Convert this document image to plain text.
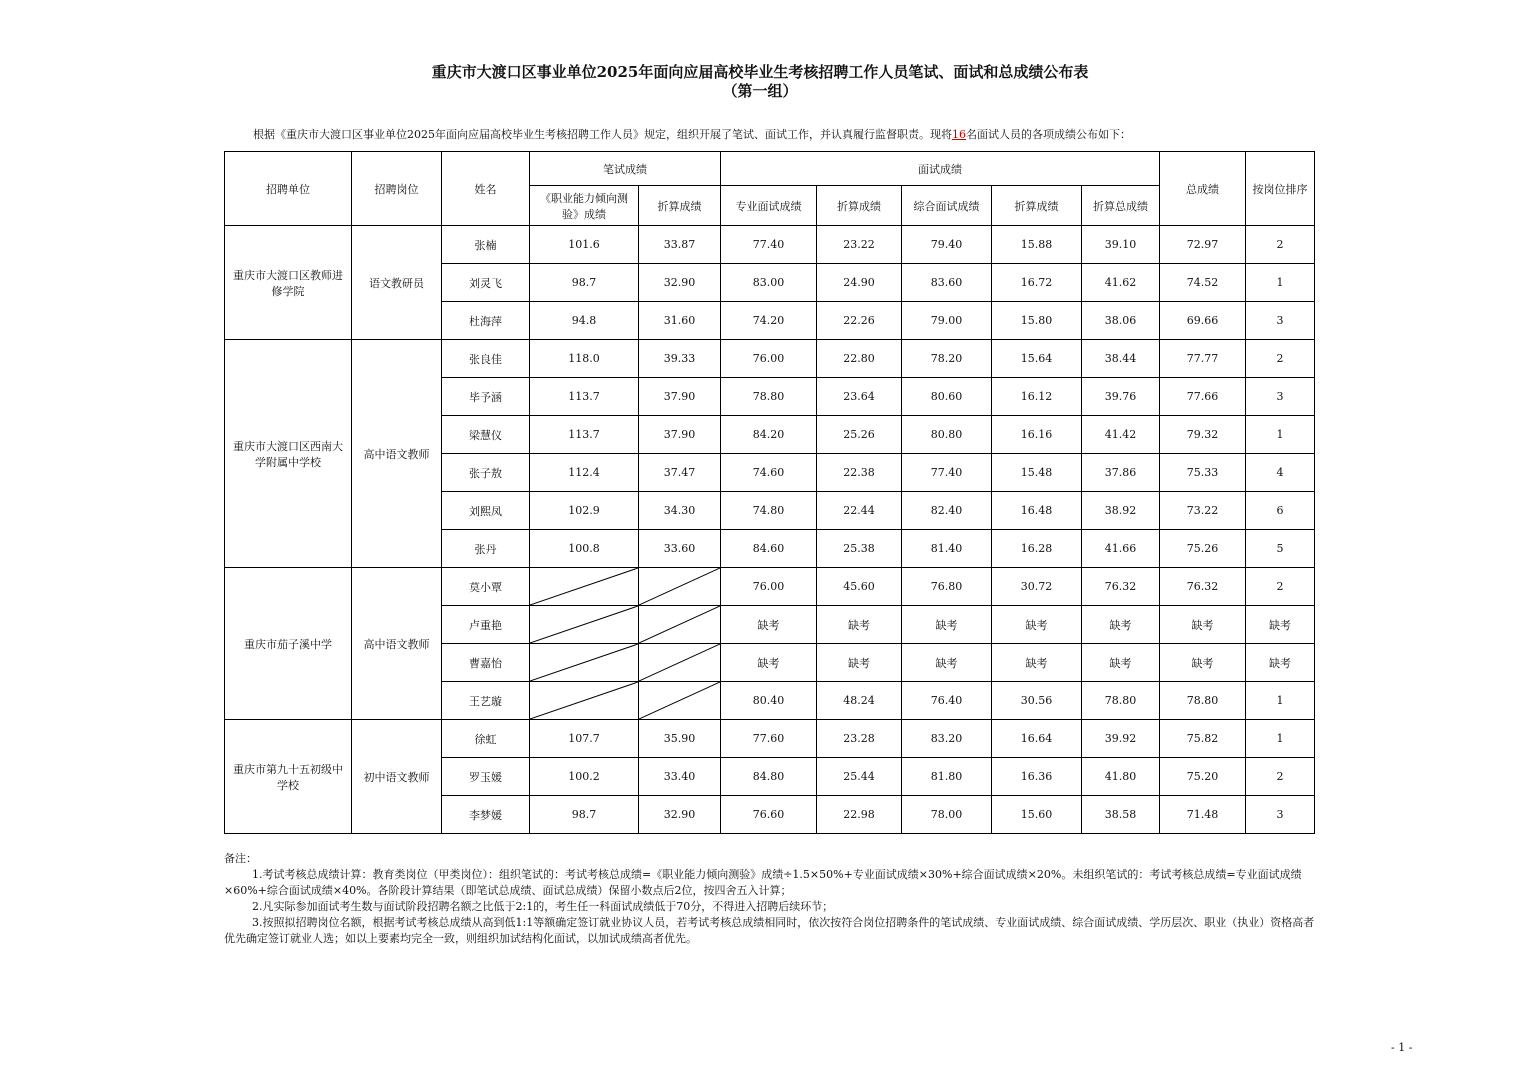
重庆市大渡口区事业单位2025年面向应届高校毕业生考核招聘工作人员笔试、面试和总成绩公布表
（第一组）
根据《重庆市大渡口区事业单位2025年面向应届高校毕业生考核招聘工作人员》规定，组织开展了笔试、面试工作，并认真履行监督职责。现将16名面试人员的各项成绩公布如下：
招聘单位	招聘岗位	姓名	笔试成绩		面试成绩					总成绩	按岗位排序
			《职业能力倾向测验》成绩	折算成绩	专业面试成绩	折算成绩	综合面试成绩	折算成绩	折算总成绩		
重庆市大渡口区教师进修学院	语文教研员	张楠	101.6	33.87	77.40	23.22	79.40	15.88	39.10	72.97	2
		刘灵飞	98.7	32.90	83.00	24.90	83.60	16.72	41.62	74.52	1
		杜海萍	94.8	31.60	74.20	22.26	79.00	15.80	38.06	69.66	3
重庆市大渡口区西南大学附属中学校	高中语文教师	张良佳	118.0	39.33	76.00	22.80	78.20	15.64	38.44	77.77	2
		毕予涵	113.7	37.90	78.80	23.64	80.60	16.12	39.76	77.66	3
		梁慧仪	113.7	37.90	84.20	25.26	80.80	16.16	41.42	79.32	1
		张子敖	112.4	37.47	74.60	22.38	77.40	15.48	37.86	75.33	4
		刘熙凤	102.9	34.30	74.80	22.44	82.40	16.48	38.92	73.22	6
		张丹	100.8	33.60	84.60	25.38	81.40	16.28	41.66	75.26	5
重庆市茄子溪中学	高中语文教师	莫小覃			76.00	45.60	76.80	30.72	76.32	76.32	2
		卢重艳			缺考	缺考	缺考	缺考	缺考	缺考	缺考
		曹嘉怡			缺考	缺考	缺考	缺考	缺考	缺考	缺考
		王艺璇			80.40	48.24	76.40	30.56	78.80	78.80	1
重庆市第九十五初级中学校	初中语文教师	徐虹	107.7	35.90	77.60	23.28	83.20	16.64	39.92	75.82	1
		罗玉媛	100.2	33.40	84.80	25.44	81.80	16.36	41.80	75.20	2
		李梦媛	98.7	32.90	76.60	22.98	78.00	15.60	38.58	71.48	3

备注：

1.考试考核总成绩计算：教育类岗位（甲类岗位）：组织笔试的：考试考核总成绩=《职业能力倾向测验》成绩÷1.5×50%+专业面试成绩×30%+综合面试成绩×20%。未组织笔试的：考试考核总成绩=专业面试成绩×60%+综合面试成绩×40%。各阶段计算结果（即笔试总成绩、面试总成绩）保留小数点后2位，按四舍五入计算；

2.凡实际参加面试考生数与面试阶段招聘名额之比低于2:1的，考生任一科面试成绩低于70分，不得进入招聘后续环节；

3.按照拟招聘岗位名额，根据考试考核总成绩从高到低1:1等额确定签订就业协议人员，若考试考核总成绩相同时，依次按符合岗位招聘条件的笔试成绩、专业面试成绩、综合面试成绩、学历层次、职业（执业）资格高者优先确定签订就业人选；如以上要素均完全一致，则组织加试结构化面试，以加试成绩高者优先。

- 1 -
